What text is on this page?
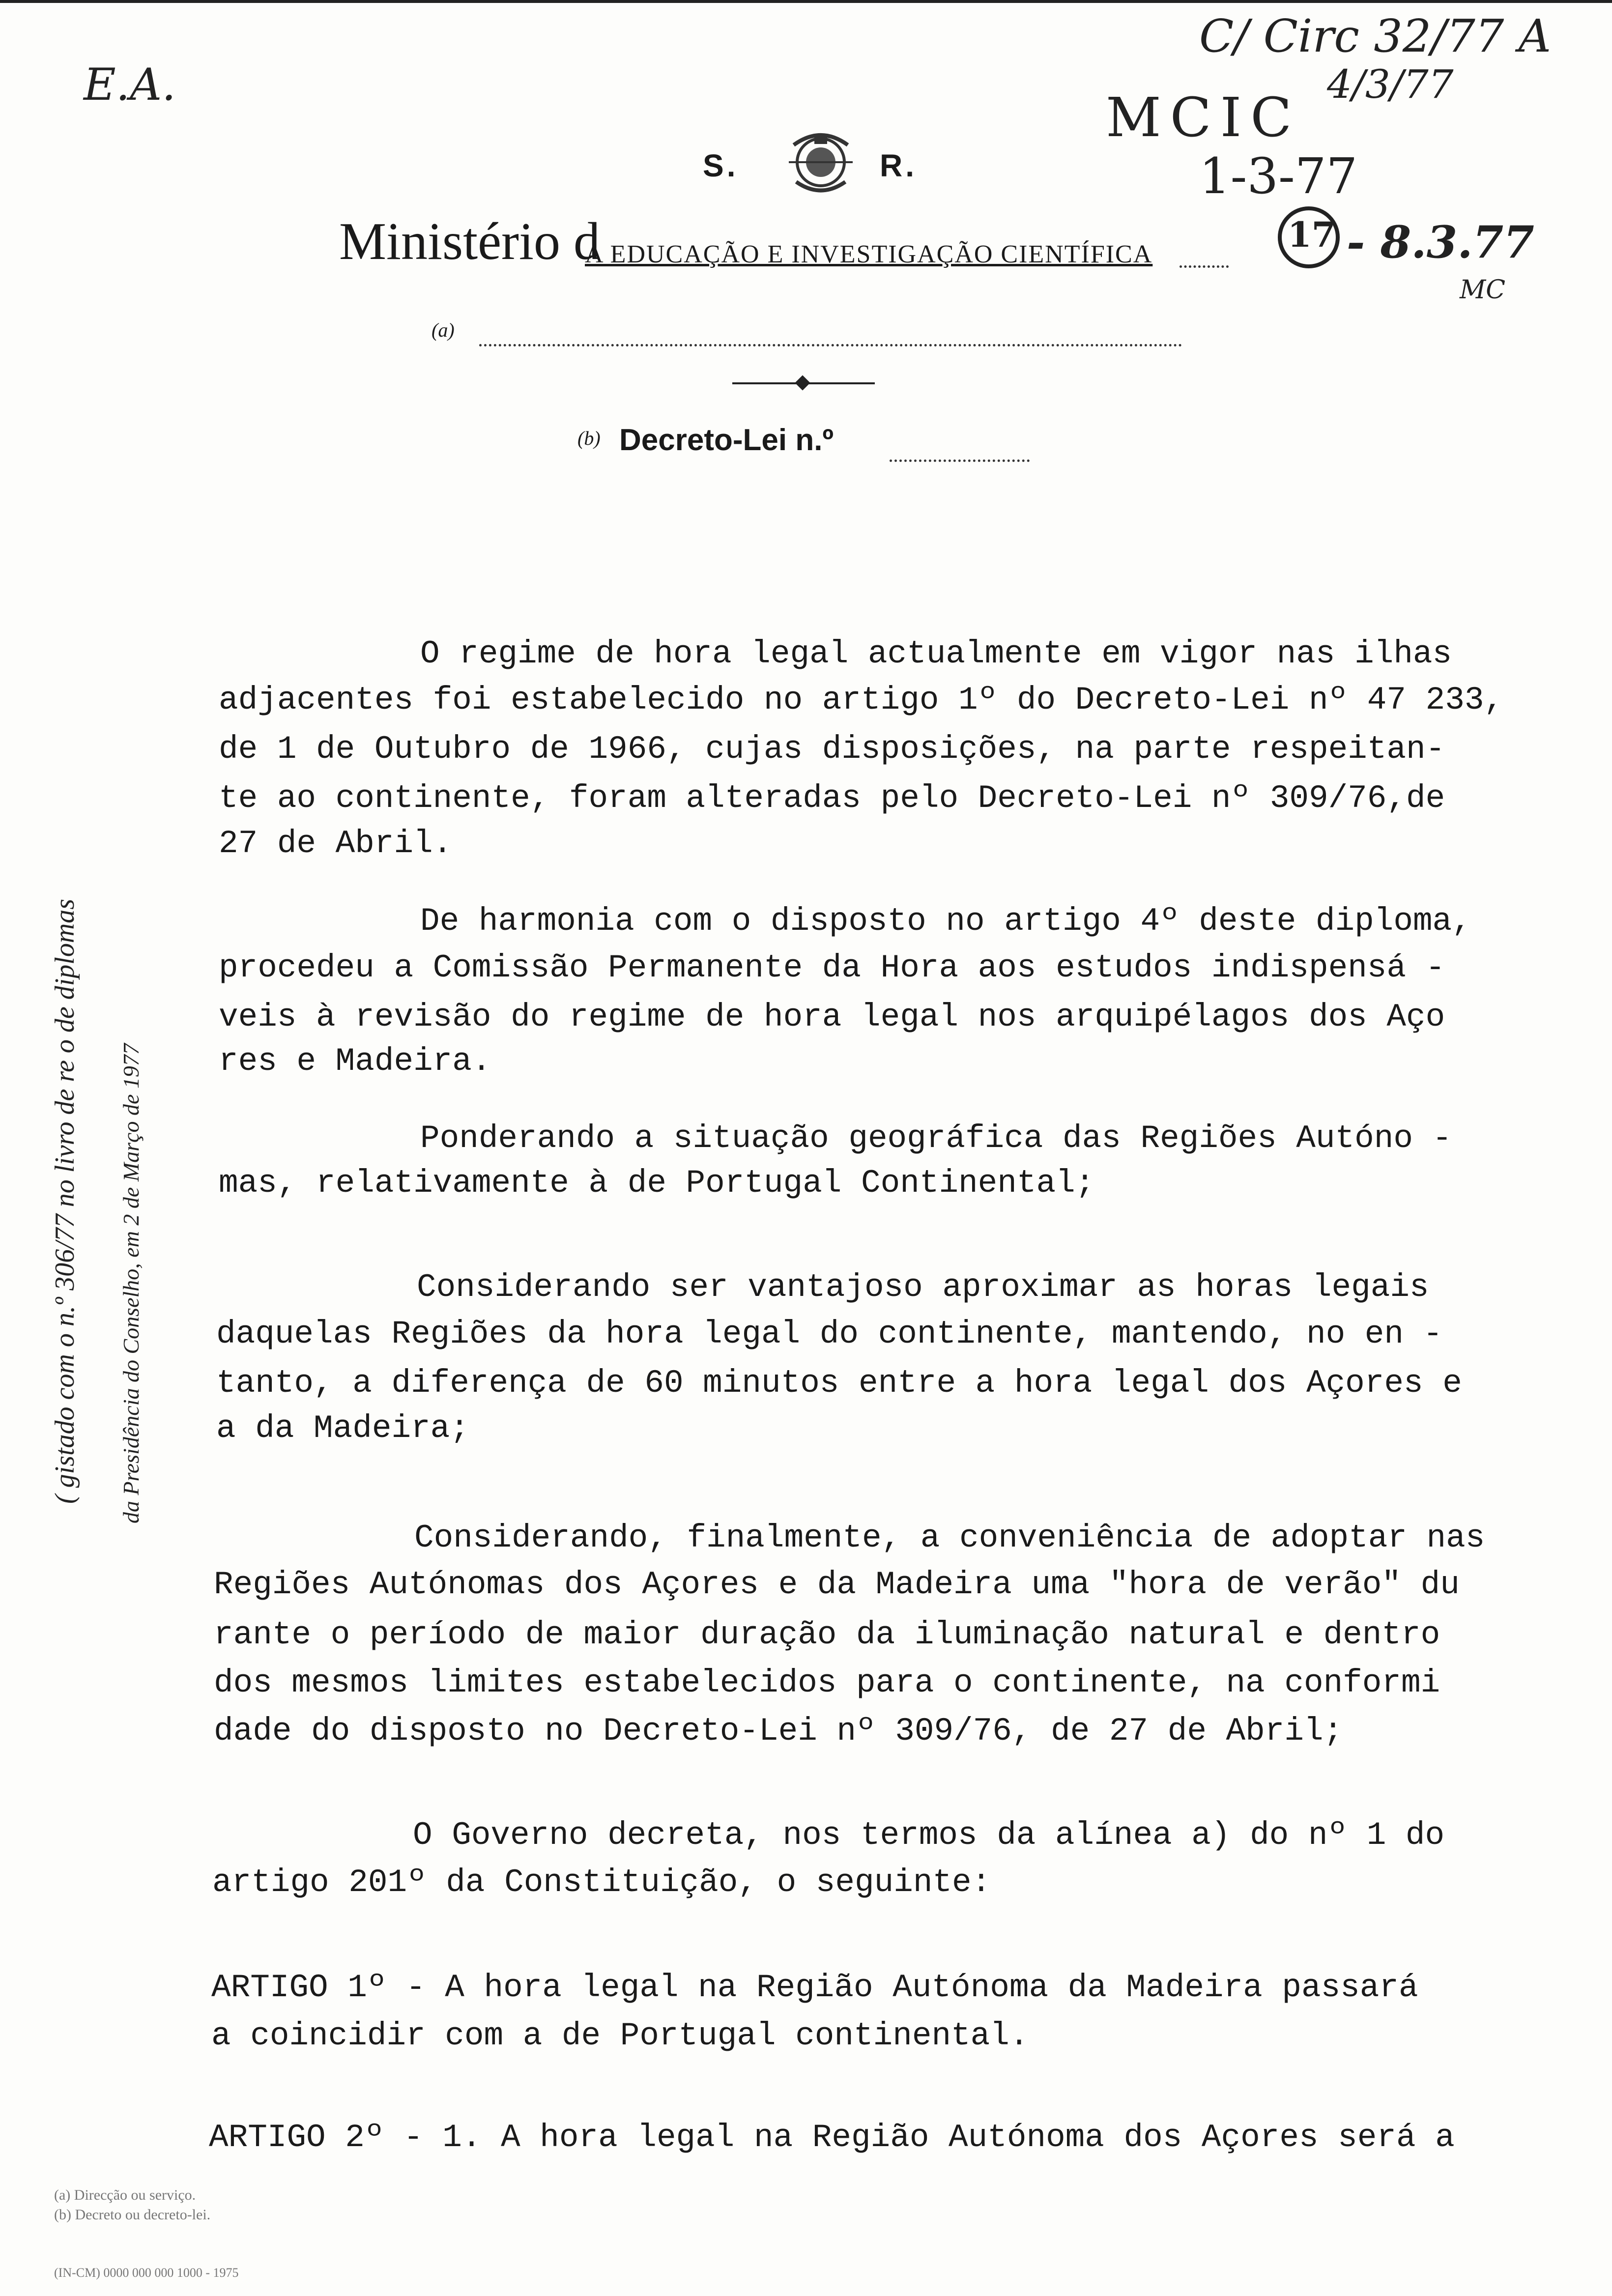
E.A.
C/ Circ 32/77 A
4/3/77
MCIC
1-3-77
S.	R.
Ministério d
A EDUCAÇÃO E INVESTIGAÇÃO CIENTÍFICA	17 - 8.3.77
MC
(a)
(b) Decreto-Lei n.º
( gistado com o n.º 306/77 no livro de re o de diplomas da Presidência do Conselho, em 2 de Março de 1977
O regime de hora legal actualmente em vigor nas ilhas
adjacentes foi estabelecido no artigo 1º do Decreto-Lei nº 47 233,
de 1 de Outubro de 1966, cujas disposições, na parte respeitan-
te ao continente, foram alteradas pelo Decreto-Lei nº 309/76,de
27 de Abril.
De harmonia com o disposto no artigo 4º deste diploma,
procedeu a Comissão Permanente da Hora aos estudos indispensá -
veis à revisão do regime de hora legal nos arquipélagos dos Aço
res e Madeira.
Ponderando a situação geográfica das Regiões Autóno -
mas, relativamente à de Portugal Continental;
Considerando ser vantajoso aproximar as horas legais
daquelas Regiões da hora legal do continente, mantendo, no en -
tanto, a diferença de 60 minutos entre a hora legal dos Açores e
a da Madeira;
Considerando, finalmente, a conveniência de adoptar nas
Regiões Autónomas dos Açores e da Madeira uma "hora de verão" du
rante o período de maior duração da iluminação natural e dentro
dos mesmos limites estabelecidos para o continente, na conformi
dade do disposto no Decreto-Lei nº 309/76, de 27 de Abril;
O Governo decreta, nos termos da alínea a) do nº 1 do
artigo 201º da Constituição, o seguinte:
ARTIGO 1º - A hora legal na Região Autónoma da Madeira passará
a coincidir com a de Portugal continental.
ARTIGO 2º - 1. A hora legal na Região Autónoma dos Açores será a
(a) Direcção ou serviço.
(b) Decreto ou decreto-lei.
(IN-CM) 0000 000 000 1000 - 1975
